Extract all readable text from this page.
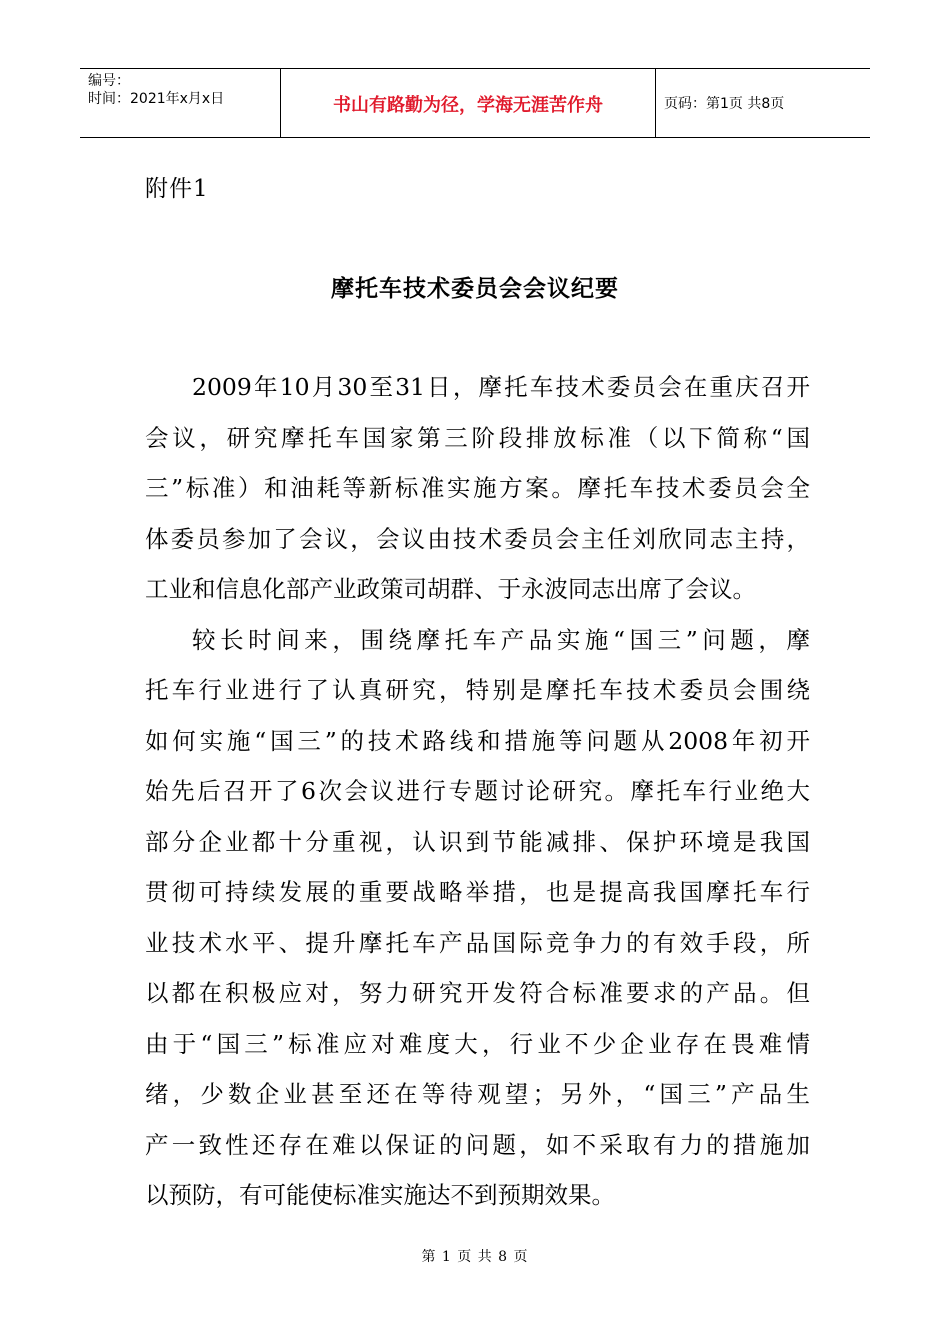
编号：
时间：2021年x月x日	书山有路勤为径，学海无涯苦作舟	页码：第1页 共8页
附件1
摩托车技术委员会会议纪要
2009年10月30至31日，摩托车技术委员会在重庆召开
会议，研究摩托车国家第三阶段排放标准（以下简称“国
三”标准）和油耗等新标准实施方案。摩托车技术委员会全
体委员参加了会议，会议由技术委员会主任刘欣同志主持，
工业和信息化部产业政策司胡群、于永波同志出席了会议。
较长时间来，围绕摩托车产品实施“国三”问题，摩
托车行业进行了认真研究，特别是摩托车技术委员会围绕
如何实施“国三”的技术路线和措施等问题从2008年初开
始先后召开了6次会议进行专题讨论研究。摩托车行业绝大
部分企业都十分重视，认识到节能减排、保护环境是我国
贯彻可持续发展的重要战略举措，也是提高我国摩托车行
业技术水平、提升摩托车产品国际竞争力的有效手段，所
以都在积极应对，努力研究开发符合标准要求的产品。但
由于“国三”标准应对难度大，行业不少企业存在畏难情
绪，少数企业甚至还在等待观望；另外，“国三”产品生
产一致性还存在难以保证的问题，如不采取有力的措施加
以预防，有可能使标准实施达不到预期效果。
第 1 页 共 8 页
